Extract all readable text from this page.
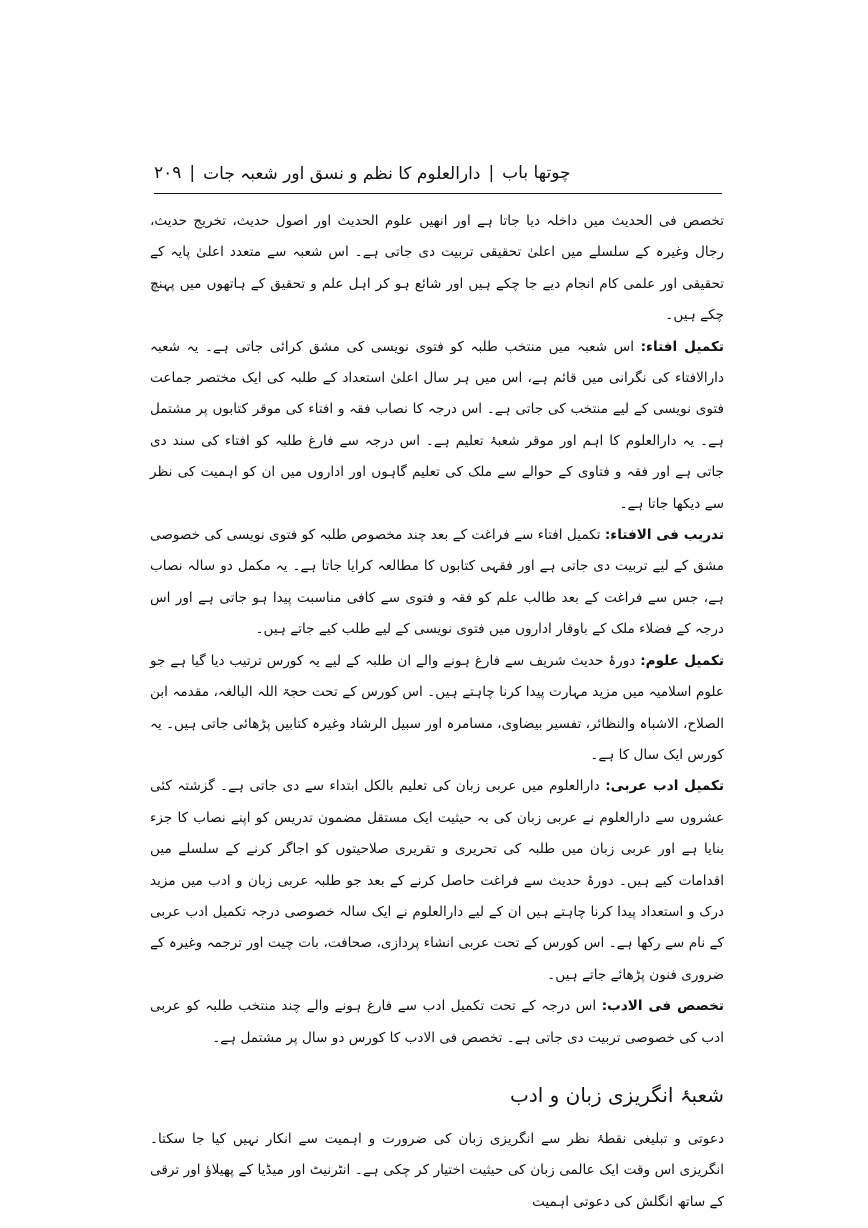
چوتھا باب
|
دارالعلوم کا نظم و نسق اور شعبہ جات
|
۲۰۹

تخصص فی الحدیث میں داخلہ دیا جاتا ہے اور انھیں علوم الحدیث اور اصول حدیث، تخریج حدیث، رجال وغیرہ کے سلسلے میں اعلیٰ تحقیقی تربیت دی جاتی ہے۔ اس شعبہ سے متعدد اعلیٰ پایہ کے تحقیقی اور علمی کام انجام دیے جا چکے ہیں اور شائع ہو کر اہل علم و تحقیق کے ہاتھوں میں پہنچ چکے ہیں۔

تکمیل افتاء: اس شعبہ میں منتخب طلبہ کو فتوی نویسی کی مشق کرائی جاتی ہے۔ یہ شعبہ دارالافتاء کی نگرانی میں قائم ہے، اس میں ہر سال اعلیٰ استعداد کے طلبہ کی ایک مختصر جماعت فتوی نویسی کے لیے منتخب کی جاتی ہے۔ اس درجہ کا نصاب فقہ و افتاء کی موقر کتابوں پر مشتمل ہے۔ یہ دارالعلوم کا اہم اور موقر شعبۂ تعلیم ہے۔ اس درجہ سے فارغ طلبہ کو افتاء کی سند دی جاتی ہے اور فقہ و فتاوی کے حوالے سے ملک کی تعلیم گاہوں اور اداروں میں ان کو اہمیت کی نظر سے دیکھا جاتا ہے۔

تدریب فی الافتاء: تکمیل افتاء سے فراغت کے بعد چند مخصوص طلبہ کو فتوی نویسی کی خصوصی مشق کے لیے تربیت دی جاتی ہے اور فقہی کتابوں کا مطالعہ کرایا جاتا ہے۔ یہ مکمل دو سالہ نصاب ہے، جس سے فراغت کے بعد طالب علم کو فقہ و فتوی سے کافی مناسبت پیدا ہو جاتی ہے اور اس درجہ کے فضلاء ملک کے باوقار اداروں میں فتوی نویسی کے لیے طلب کیے جاتے ہیں۔

تکمیل علوم: دورۂ حدیث شریف سے فارغ ہونے والے ان طلبہ کے لیے یہ کورس ترتیب دیا گیا ہے جو علوم اسلامیہ میں مزید مہارت پیدا کرنا چاہتے ہیں۔ اس کورس کے تحت حجۃ اللہ البالغہ، مقدمہ ابن الصلاح، الاشباہ والنظائر، تفسیر بیضاوی، مسامرہ اور سبیل الرشاد وغیرہ کتابیں پڑھائی جاتی ہیں۔ یہ کورس ایک سال کا ہے۔

تکمیل ادب عربی: دارالعلوم میں عربی زبان کی تعلیم بالکل ابتداء سے دی جاتی ہے۔ گزشتہ کئی عشروں سے دارالعلوم نے عربی زبان کی بہ حیثیت ایک مستقل مضمون تدریس کو اپنے نصاب کا جزء بنایا ہے اور عربی زبان میں طلبہ کی تحریری و تقریری صلاحیتوں کو اجاگر کرنے کے سلسلے میں اقدامات کیے ہیں۔ دورۂ حدیث سے فراغت حاصل کرنے کے بعد جو طلبہ عربی زبان و ادب میں مزید درک و استعداد پیدا کرنا چاہتے ہیں ان کے لیے دارالعلوم نے ایک سالہ خصوصی درجہ تکمیل ادب عربی کے نام سے رکھا ہے۔ اس کورس کے تحت عربی انشاء پردازی، صحافت، بات چیت اور ترجمہ وغیرہ کے ضروری فنون پڑھائے جاتے ہیں۔

تخصص فی الادب: اس درجہ کے تحت تکمیل ادب سے فارغ ہونے والے چند منتخب طلبہ کو عربی ادب کی خصوصی تربیت دی جاتی ہے۔ تخصص فی الادب کا کورس دو سال پر مشتمل ہے۔

شعبۂ انگریزی زبان و ادب

دعوتی و تبلیغی نقطۂ نظر سے انگریزی زبان کی ضرورت و اہمیت سے انکار نہیں کیا جا سکتا۔ انگریزی اس وقت ایک عالمی زبان کی حیثیت اختیار کر چکی ہے۔ انٹرنیٹ اور میڈیا کے پھیلاؤ اور ترقی کے ساتھ انگلش کی دعوتی اہمیت
